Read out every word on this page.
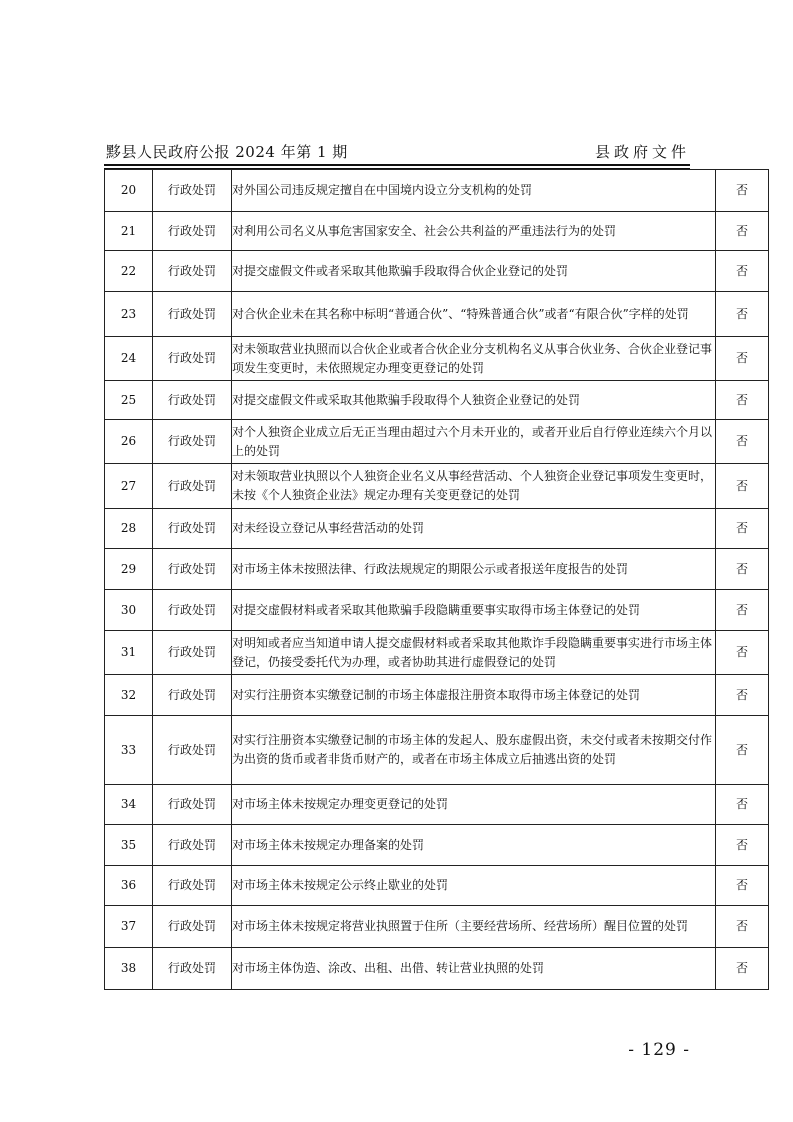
黟县人民政府公报 2024 年第 1 期	县政府文件
20	行政处罚	对外国公司违反规定擅自在中国境内设立分支机构的处罚	否
21	行政处罚	对利用公司名义从事危害国家安全、社会公共利益的严重违法行为的处罚	否
22	行政处罚	对提交虚假文件或者采取其他欺骗手段取得合伙企业登记的处罚	否
23	行政处罚	对合伙企业未在其名称中标明“普通合伙”、“特殊普通合伙”或者“有限合伙”字样的处罚	否
24	行政处罚	对未领取营业执照而以合伙企业或者合伙企业分支机构名义从事合伙业务、合伙企业登记事项发生变更时，未依照规定办理变更登记的处罚	否
25	行政处罚	对提交虚假文件或采取其他欺骗手段取得个人独资企业登记的处罚	否
26	行政处罚	对个人独资企业成立后无正当理由超过六个月未开业的，或者开业后自行停业连续六个月以上的处罚	否
27	行政处罚	对未领取营业执照以个人独资企业名义从事经营活动、个人独资企业登记事项发生变更时，未按《个人独资企业法》规定办理有关变更登记的处罚	否
28	行政处罚	对未经设立登记从事经营活动的处罚	否
29	行政处罚	对市场主体未按照法律、行政法规规定的期限公示或者报送年度报告的处罚	否
30	行政处罚	对提交虚假材料或者采取其他欺骗手段隐瞒重要事实取得市场主体登记的处罚	否
31	行政处罚	对明知或者应当知道申请人提交虚假材料或者采取其他欺诈手段隐瞒重要事实进行市场主体登记，仍接受委托代为办理，或者协助其进行虚假登记的处罚	否
32	行政处罚	对实行注册资本实缴登记制的市场主体虚报注册资本取得市场主体登记的处罚	否
33	行政处罚	对实行注册资本实缴登记制的市场主体的发起人、股东虚假出资，未交付或者未按期交付作为出资的货币或者非货币财产的，或者在市场主体成立后抽逃出资的处罚	否
34	行政处罚	对市场主体未按规定办理变更登记的处罚	否
35	行政处罚	对市场主体未按规定办理备案的处罚	否
36	行政处罚	对市场主体未按规定公示终止歇业的处罚	否
37	行政处罚	对市场主体未按规定将营业执照置于住所（主要经营场所、经营场所）醒目位置的处罚	否
38	行政处罚	对市场主体伪造、涂改、出租、出借、转让营业执照的处罚	否
- 129 -
